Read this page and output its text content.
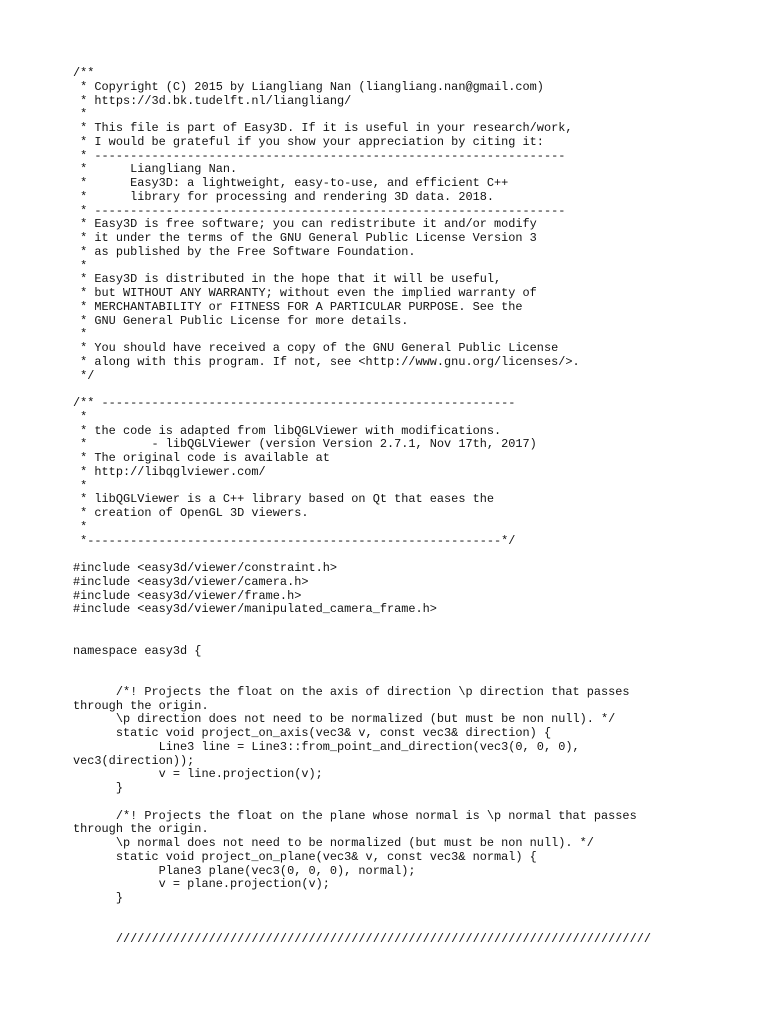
/**
* Copyright (C) 2015 by Liangliang Nan (liangliang.nan@gmail.com)
* https://3d.bk.tudelft.nl/liangliang/
*
* This file is part of Easy3D. If it is useful in your research/work,
* I would be grateful if you show your appreciation by citing it:
* ------------------------------------------------------------------
*      Liangliang Nan.
*      Easy3D: a lightweight, easy-to-use, and efficient C++
*      library for processing and rendering 3D data. 2018.
* ------------------------------------------------------------------
* Easy3D is free software; you can redistribute it and/or modify
* it under the terms of the GNU General Public License Version 3
* as published by the Free Software Foundation.
*
* Easy3D is distributed in the hope that it will be useful,
* but WITHOUT ANY WARRANTY; without even the implied warranty of
* MERCHANTABILITY or FITNESS FOR A PARTICULAR PURPOSE. See the
* GNU General Public License for more details.
*
* You should have received a copy of the GNU General Public License
* along with this program. If not, see <http://www.gnu.org/licenses/>.
*/
/** ----------------------------------------------------------
*
* the code is adapted from libQGLViewer with modifications.
*         - libQGLViewer (version Version 2.7.1, Nov 17th, 2017)
* The original code is available at
* http://libqglviewer.com/
*
* libQGLViewer is a C++ library based on Qt that eases the
* creation of OpenGL 3D viewers.
*
*----------------------------------------------------------*/
#include <easy3d/viewer/constraint.h>
#include <easy3d/viewer/camera.h>
#include <easy3d/viewer/frame.h>
#include <easy3d/viewer/manipulated_camera_frame.h>
namespace easy3d {
/*! Projects the float on the axis of direction \p direction that passes
through the origin.
\p direction does not need to be normalized (but must be non null). */
static void project_on_axis(vec3& v, const vec3& direction) {
Line3 line = Line3::from_point_and_direction(vec3(0, 0, 0),
vec3(direction));
v = line.projection(v);
}
/*! Projects the float on the plane whose normal is \p normal that passes
through the origin.
\p normal does not need to be normalized (but must be non null). */
static void project_on_plane(vec3& v, const vec3& normal) {
Plane3 plane(vec3(0, 0, 0), normal);
v = plane.projection(v);
}
///////////////////////////////////////////////////////////////////////////
